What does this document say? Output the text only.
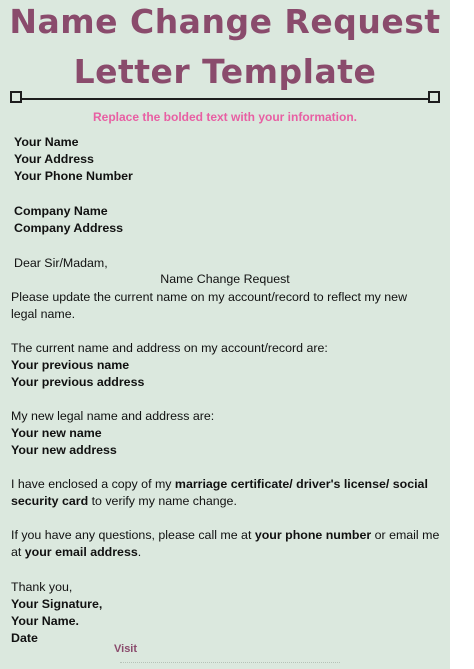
Name Change Request
Letter Template
Replace the bolded text with your information.
Your Name
Your Address
Your Phone Number
Company Name
Company Address
Dear Sir/Madam,
Name Change Request
Please update the current name on my account/record to reflect my new
legal name.
The current name and address on my account/record are:
Your previous name
Your previous address
My new legal name and address are:
Your new name
Your new address
I have enclosed a copy of my marriage certificate/ driver's license/ social
security card to verify my name change.
If you have any questions, please call me at your phone number or email me
at your email address.
Thank you,
Your Signature,
Your Name.
Date
Visit
